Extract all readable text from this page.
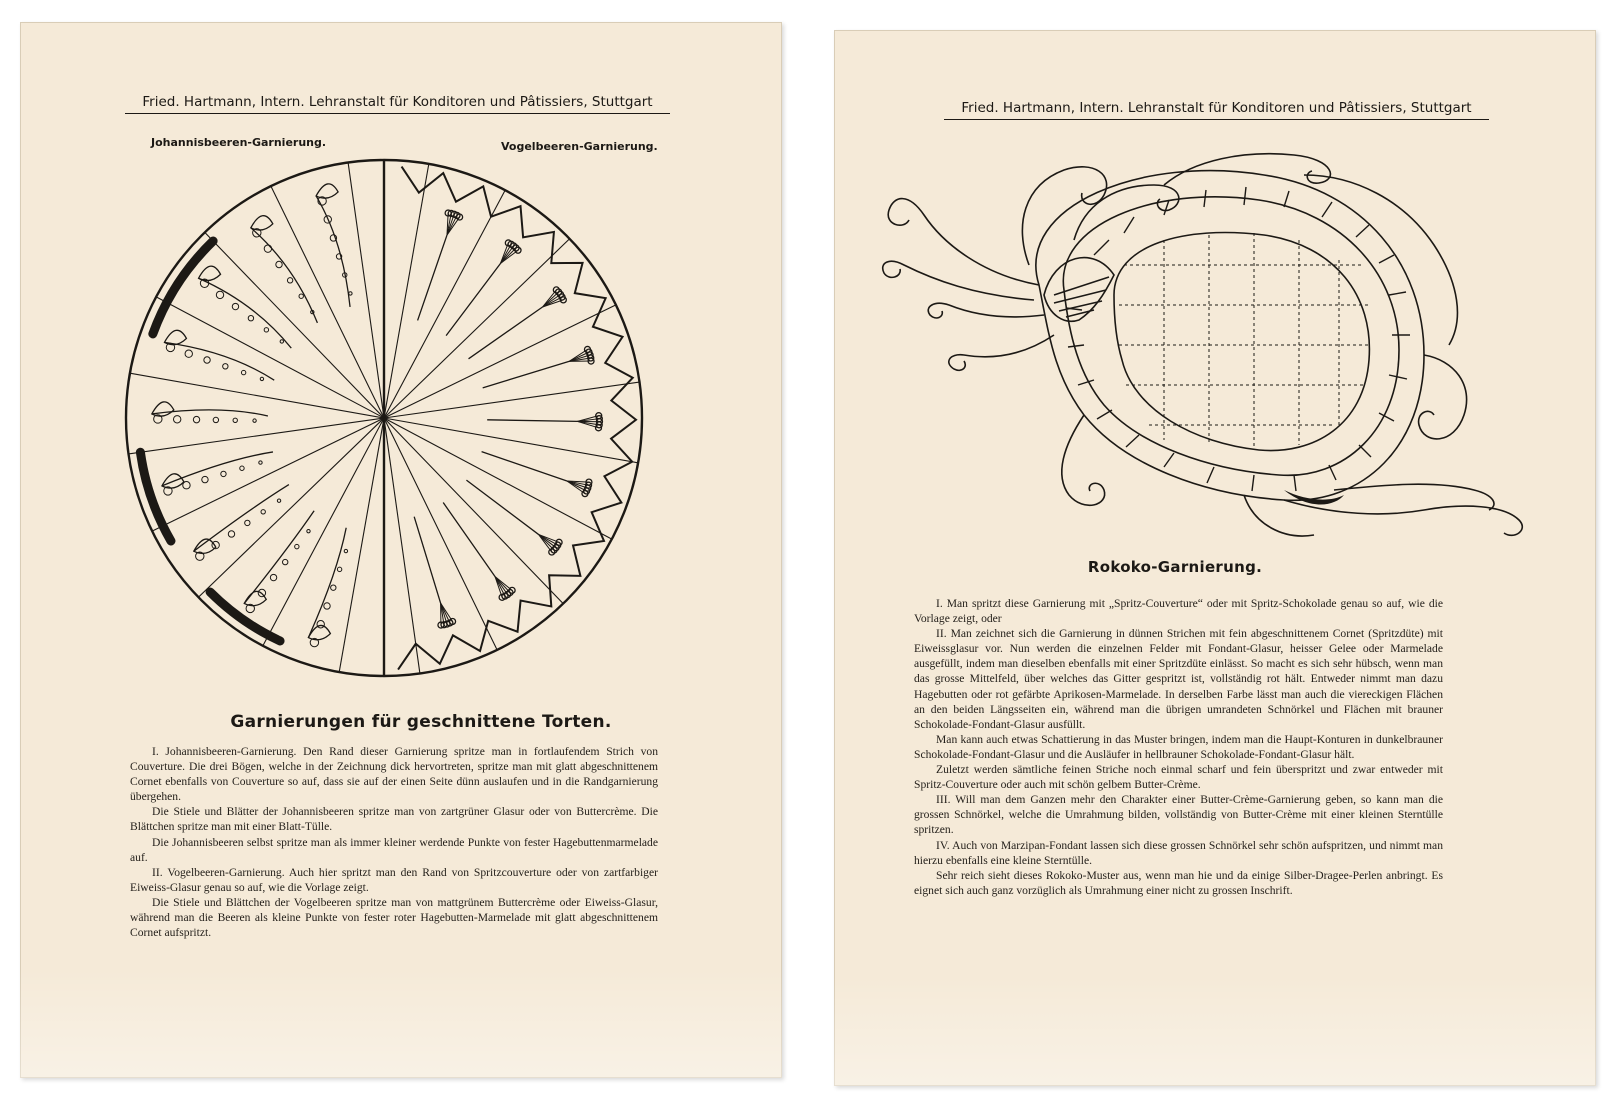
Fried. Hartmann, Intern. Lehranstalt für Konditoren und Pâtissiers, Stuttgart
Johannisbeeren-Garnierung.	Vogelbeeren-Garnierung.
Garnierungen für geschnittene Torten.

I. Johannisbeeren-Garnierung. Den Rand dieser Garnierung spritze man in fortlaufendem Strich von Couverture. Die drei Bögen, welche in der Zeichnung dick hervortreten, spritze man mit glatt abgeschnittenem Cornet ebenfalls von Couverture so auf, dass sie auf der einen Seite dünn auslaufen und in die Randgarnierung übergehen.

Die Stiele und Blätter der Johannisbeeren spritze man von zartgrüner Glasur oder von Buttercrème. Die Blättchen spritze man mit einer Blatt-Tülle.

Die Johannisbeeren selbst spritze man als immer kleiner werdende Punkte von fester Hagebuttenmarmelade auf.

II. Vogelbeeren-Garnierung. Auch hier spritzt man den Rand von Spritzcouverture oder von zartfarbiger Eiweiss-Glasur genau so auf, wie die Vorlage zeigt.

Die Stiele und Blättchen der Vogelbeeren spritze man von mattgrünem Buttercrème oder Eiweiss-Glasur, während man die Beeren als kleine Punkte von fester roter Hagebutten-Marmelade mit glatt abgeschnittenem Cornet aufspritzt.

Fried. Hartmann, Intern. Lehranstalt für Konditoren und Pâtissiers, Stuttgart
Rokoko-Garnierung.

I. Man spritzt diese Garnierung mit „Spritz-Couverture“ oder mit Spritz-Schokolade genau so auf, wie die Vorlage zeigt, oder

II. Man zeichnet sich die Garnierung in dünnen Strichen mit fein abgeschnittenem Cornet (Spritzdüte) mit Eiweissglasur vor. Nun werden die einzelnen Felder mit Fondant-Glasur, heisser Gelee oder Marmelade ausgefüllt, indem man dieselben ebenfalls mit einer Spritzdüte einlässt. So macht es sich sehr hübsch, wenn man das grosse Mittelfeld, über welches das Gitter gespritzt ist, vollständig rot hält. Entweder nimmt man dazu Hagebutten oder rot gefärbte Aprikosen-Marmelade. In derselben Farbe lässt man auch die viereckigen Flächen an den beiden Längsseiten ein, während man die übrigen umrandeten Schnörkel und Flächen mit brauner Schokolade-Fondant-Glasur ausfüllt.

Man kann auch etwas Schattierung in das Muster bringen, indem man die Haupt-Konturen in dunkelbrauner Schokolade-Fondant-Glasur und die Ausläufer in hellbrauner Schokolade-Fondant-Glasur hält.

Zuletzt werden sämtliche feinen Striche noch einmal scharf und fein überspritzt und zwar entweder mit Spritz-Couverture oder auch mit schön gelbem Butter-Crème.

III. Will man dem Ganzen mehr den Charakter einer Butter-Crème-Garnierung geben, so kann man die grossen Schnörkel, welche die Umrahmung bilden, vollständig von Butter-Crème mit einer kleinen Sterntülle spritzen.

IV. Auch von Marzipan-Fondant lassen sich diese grossen Schnörkel sehr schön aufspritzen, und nimmt man hierzu ebenfalls eine kleine Sterntülle.

Sehr reich sieht dieses Rokoko-Muster aus, wenn man hie und da einige Silber-Dragee-Perlen anbringt. Es eignet sich auch ganz vorzüglich als Umrahmung einer nicht zu grossen Inschrift.
